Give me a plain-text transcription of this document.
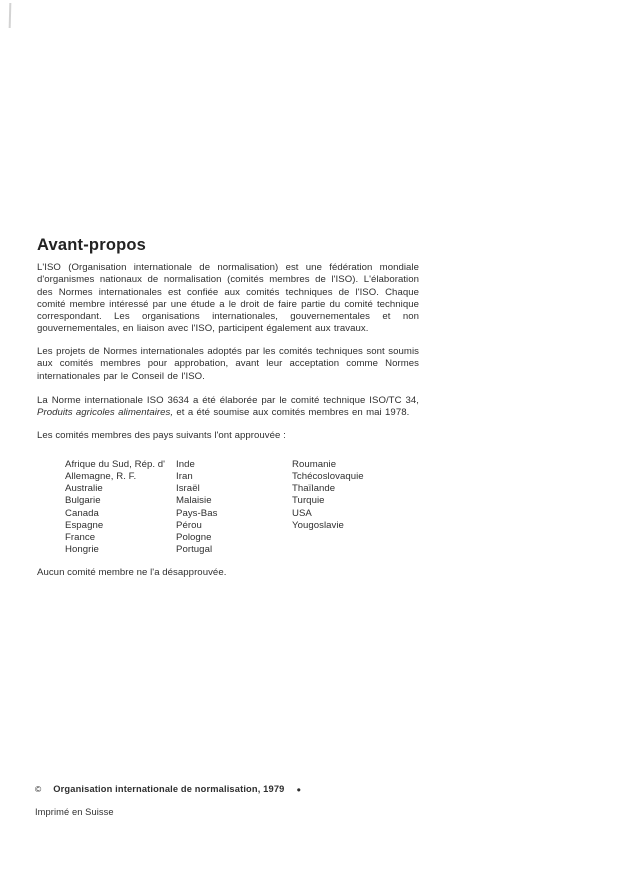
Avant-propos

L'ISO (Organisation internationale de normalisation) est une fédération mondiale d'organismes nationaux de normalisation (comités membres de l'ISO). L'élaboration des Normes internationales est confiée aux comités techniques de l'ISO. Chaque comité membre intéressé par une étude a le droit de faire partie du comité technique correspondant. Les organisations internationales, gouvernementales et non gouvernementales, en liaison avec l'ISO, participent également aux travaux.

Les projets de Normes internationales adoptés par les comités techniques sont soumis aux comités membres pour approbation, avant leur acceptation comme Normes internationales par le Conseil de l'ISO.

La Norme internationale ISO 3634 a été élaborée par le comité technique ISO/TC 34, Produits agricoles alimentaires, et a été soumise aux comités membres en mai 1978.

Les comités membres des pays suivants l'ont approuvée :

Afrique du Sud, Rép. d'
Allemagne, R. F.
Australie
Bulgarie
Canada
Espagne
France
Hongrie
Inde
Iran
Israël
Malaisie
Pays-Bas
Pérou
Pologne
Portugal
Roumanie
Tchécoslovaquie
Thaïlande
Turquie
USA
Yougoslavie

Aucun comité membre ne l'a désapprouvée.

© Organisation internationale de normalisation, 1979 ●

Imprimé en Suisse
